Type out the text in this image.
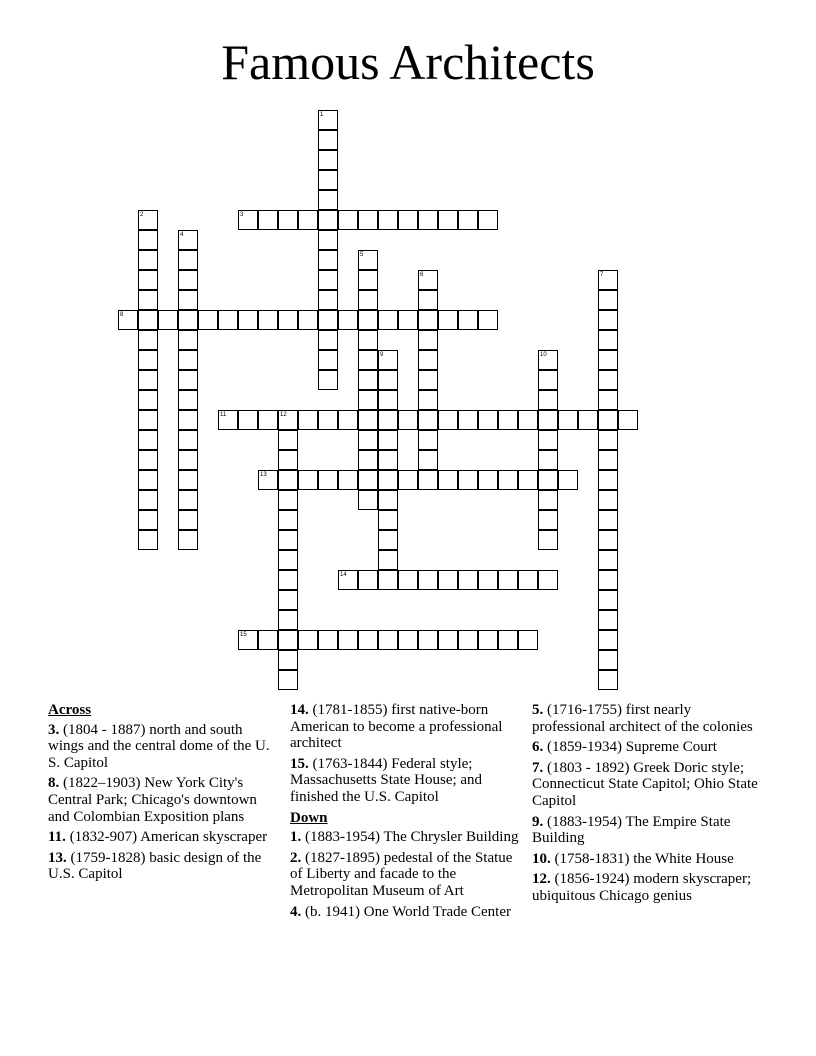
Famous Architects
1
2	3
4
5
6	7
8
9	10
11	12
13
14
15
Across
3. (1804 - 1887) north and south wings and the central dome of the U. S. Capitol
8. (1822–1903) New York City's Central Park; Chicago's downtown and Colombian Exposition plans
11. (1832-907) American skyscraper
13. (1759-1828) basic design of the U.S. Capitol
14. (1781-1855) first native-born American to become a professional architect
15. (1763-1844) Federal style; Massachusetts State House; and finished the U.S. Capitol
Down
1. (1883-1954) The Chrysler Building
2. (1827-1895) pedestal of the Statue of Liberty and facade to the Metropolitan Museum of Art
4. (b. 1941) One World Trade Center
5. (1716-1755) first nearly professional architect of the colonies
6. (1859-1934) Supreme Court
7. (1803 - 1892) Greek Doric style; Connecticut State Capitol; Ohio State Capitol
9. (1883-1954) The Empire State Building
10. (1758-1831) the White House
12. (1856-1924) modern skyscraper; ubiquitous Chicago genius
